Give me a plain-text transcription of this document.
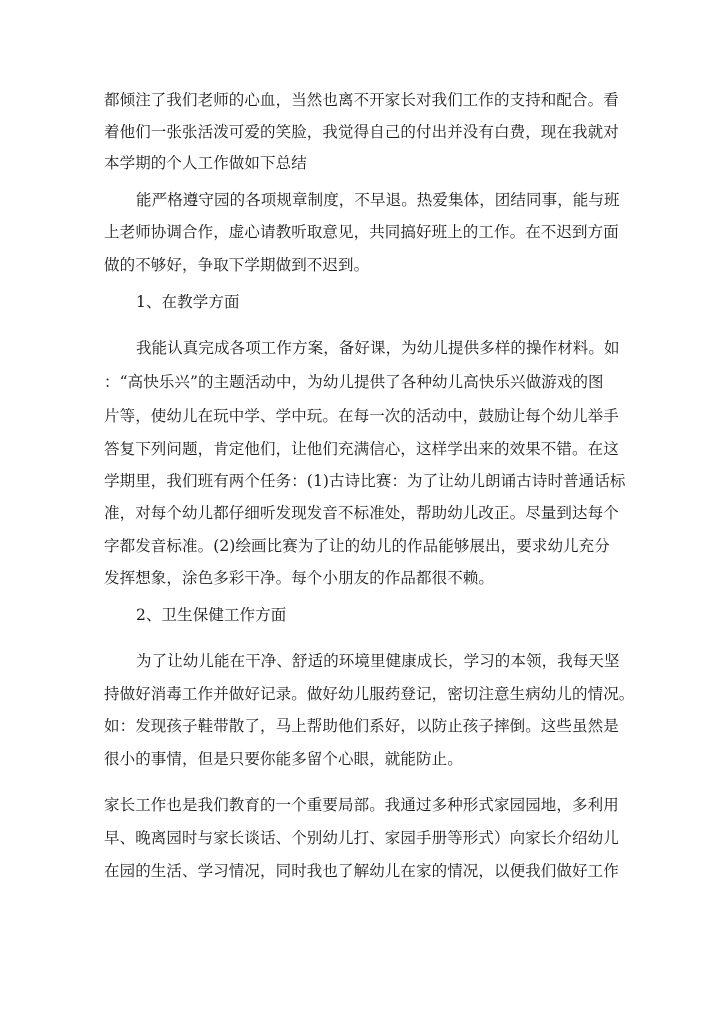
都倾注了我们老师的心血，当然也离不开家长对我们工作的支持和配合。看
着他们一张张活泼可爱的笑脸，我觉得自己的付出并没有白费，现在我就对
本学期的个人工作做如下总结
能严格遵守园的各项规章制度，不早退。热爱集体，团结同事，能与班
上老师协调合作，虚心请教听取意见，共同搞好班上的工作。在不迟到方面
做的不够好，争取下学期做到不迟到。
1、在教学方面
我能认真完成各项工作方案，备好课，为幼儿提供多样的操作材料。如
：“高快乐兴”的主题活动中，为幼儿提供了各种幼儿高快乐兴做游戏的图
片等，使幼儿在玩中学、学中玩。在每一次的活动中，鼓励让每个幼儿举手
答复下列问题，肯定他们，让他们充满信心，这样学出来的效果不错。在这
学期里，我们班有两个任务：(1)古诗比赛：为了让幼儿朗诵古诗时普通话标
准，对每个幼儿都仔细听发现发音不标准处，帮助幼儿改正。尽量到达每个
字都发音标准。(2)绘画比赛为了让的幼儿的作品能够展出，要求幼儿充分
发挥想象，涂色多彩干净。每个小朋友的作品都很不赖。
2、卫生保健工作方面
为了让幼儿能在干净、舒适的环境里健康成长，学习的本领，我每天坚
持做好消毒工作并做好记录。做好幼儿服药登记，密切注意生病幼儿的情况。
如：发现孩子鞋带散了，马上帮助他们系好，以防止孩子摔倒。这些虽然是
很小的事情，但是只要你能多留个心眼，就能防止。
家长工作也是我们教育的一个重要局部。我通过多种形式家园园地，多利用
早、晚离园时与家长谈话、个别幼儿打、家园手册等形式）向家长介绍幼儿
在园的生活、学习情况，同时我也了解幼儿在家的情况，以便我们做好工作
